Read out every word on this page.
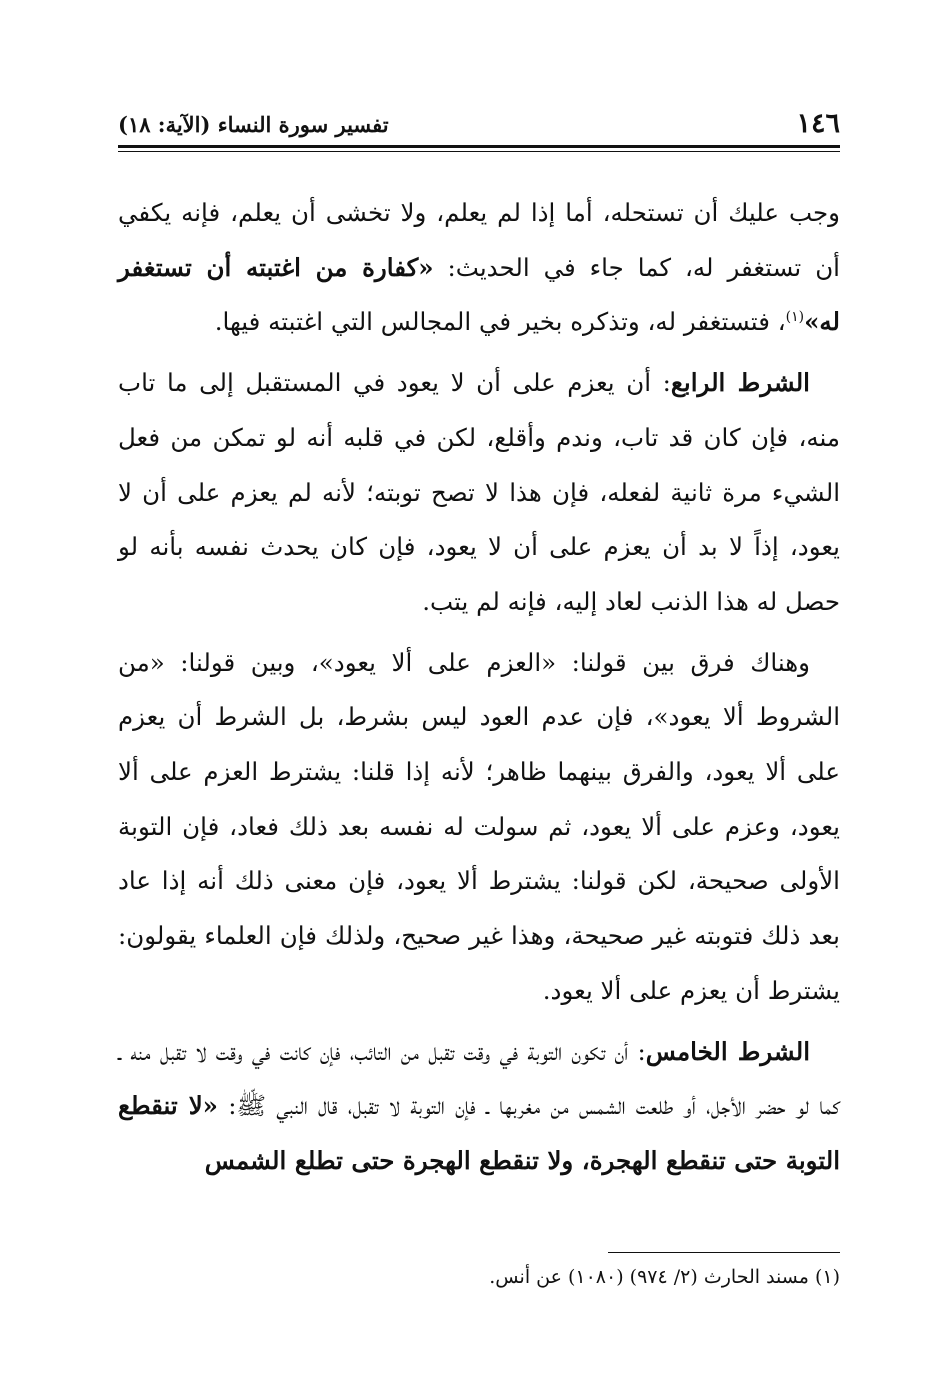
١٤٦
تفسير سورة النساء (الآية: ١٨)

وجب عليك أن تستحله، أما إذا لم يعلم، ولا تخشى أن يعلم، فإنه يكفي أن تستغفر له، كما جاء في الحديث: «كفارة من اغتبته أن تستغفر له»$^{(١)}$، فتستغفر له، وتذكره بخير في المجالس التي اغتبته فيها.

الشرط الرابع: أن يعزم على أن لا يعود في المستقبل إلى ما تاب منه، فإن كان قد تاب، وندم وأقلع، لكن في قلبه أنه لو تمكن من فعل الشيء مرة ثانية لفعله، فإن هذا لا تصح توبته؛ لأنه لم يعزم على أن لا يعود، إذاً لا بد أن يعزم على أن لا يعود، فإن كان يحدث نفسه بأنه لو حصل له هذا الذنب لعاد إليه، فإنه لم يتب.

وهناك فرق بين قولنا: «العزم على ألا يعود»، وبين قولنا: «من الشروط ألا يعود»، فإن عدم العود ليس بشرط، بل الشرط أن يعزم على ألا يعود، والفرق بينهما ظاهر؛ لأنه إذا قلنا: يشترط العزم على ألا يعود، وعزم على ألا يعود، ثم سولت له نفسه بعد ذلك فعاد، فإن التوبة الأولى صحيحة، لكن قولنا: يشترط ألا يعود، فإن معنى ذلك أنه إذا عاد بعد ذلك فتوبته غير صحيحة، وهذا غير صحيح، ولذلك فإن العلماء يقولون: يشترط أن يعزم على ألا يعود.

الشرط الخامس: أن تكون التوبة في وقت تقبل من التائب، فإن كانت في وقت لا تقبل منه ـ كما لو حضر الأجل، أو طلعت الشمس من مغربها ـ فإن التوبة لا تقبل، قال النبي ﷺ: «لا تنقطع التوبة حتى تنقطع الهجرة، ولا تنقطع الهجرة حتى تطلع الشمس

(١) مسند الحارث (٢/ ٩٧٤) (١٠٨٠) عن أنس.
